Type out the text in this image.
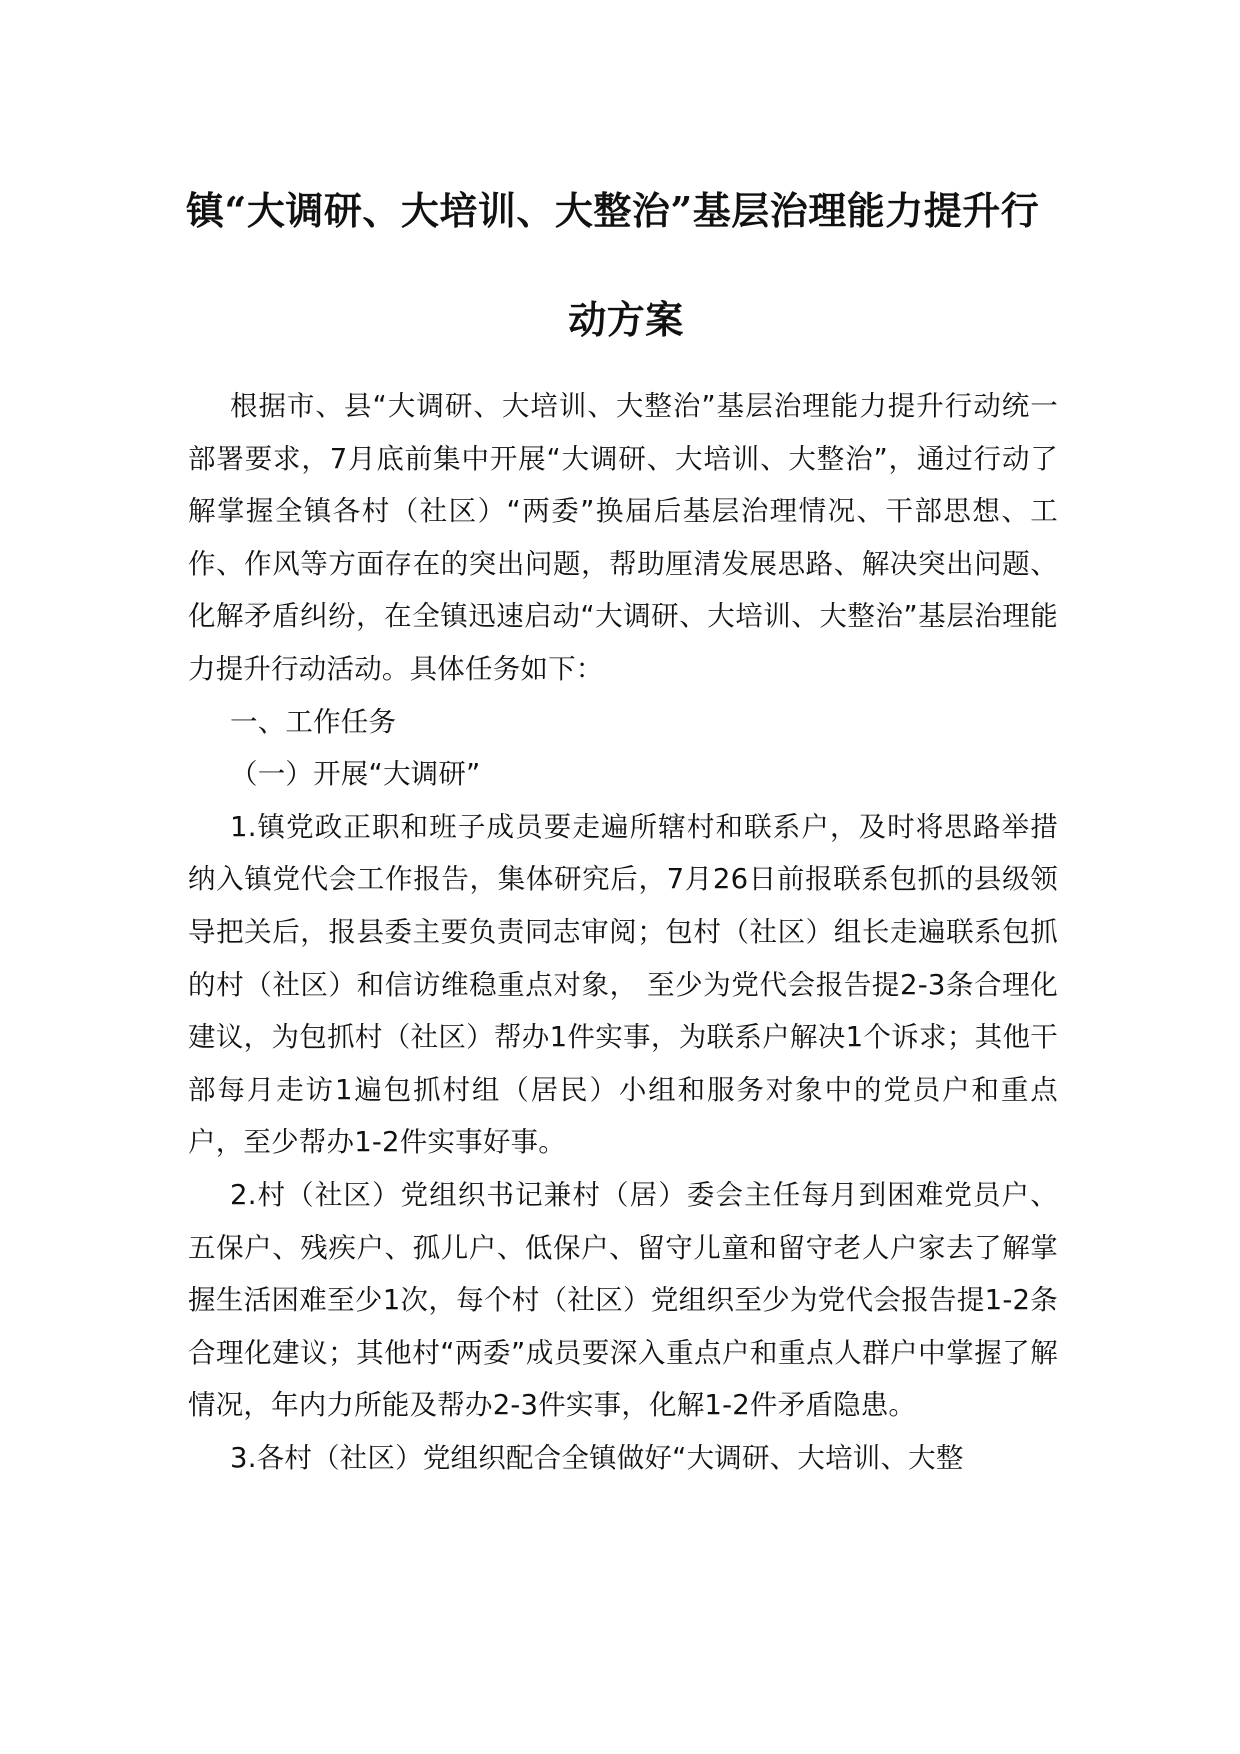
镇“大调研、大培训、大整治”基层治理能力提升行
动方案

根据市、县“大调研、大培训、大整治”基层治理能力提升行动统一部署要求，7月底前集中开展“大调研、大培训、大整治”，通过行动了解掌握全镇各村（社区）“两委”换届后基层治理情况、干部思想、工作、作风等方面存在的突出问题，帮助厘清发展思路、解决突出问题、化解矛盾纠纷，在全镇迅速启动“大调研、大培训、大整治”基层治理能力提升行动活动。具体任务如下：

一、工作任务

（一）开展“大调研”

1.镇党政正职和班子成员要走遍所辖村和联系户，及时将思路举措纳入镇党代会工作报告，集体研究后，7月26日前报联系包抓的县级领导把关后，报县委主要负责同志审阅；包村（社区）组长走遍联系包抓的村（社区）和信访维稳重点对象， 至少为党代会报告提2-3条合理化建议，为包抓村（社区）帮办1件实事，为联系户解决1个诉求；其他干部每月走访1遍包抓村组（居民）小组和服务对象中的党员户和重点户，至少帮办1-2件实事好事。

2.村（社区）党组织书记兼村（居）委会主任每月到困难党员户、五保户、残疾户、孤儿户、低保户、留守儿童和留守老人户家去了解掌握生活困难至少1次，每个村（社区）党组织至少为党代会报告提1-2条合理化建议；其他村“两委”成员要深入重点户和重点人群户中掌握了解情况，年内力所能及帮办2-3件实事，化解1-2件矛盾隐患。

3.各村（社区）党组织配合全镇做好“大调研、大培训、大整
